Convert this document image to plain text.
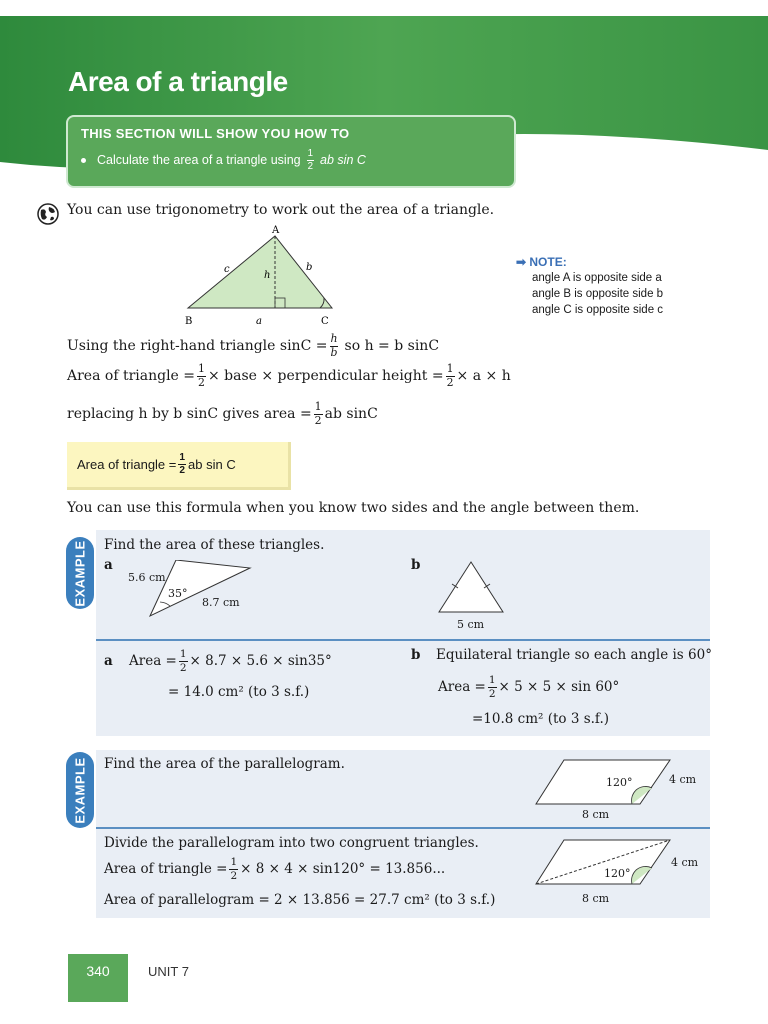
Area of a triangle
THIS SECTION WILL SHOW YOU HOW TO
Calculate the area of a triangle using $\frac{1}{2}$ ab sin C
You can use trigonometry to work out the area of a triangle.
A
B	C
a
b
c
h
➡ NOTE:
angle A is opposite side a
angle B is opposite side b
angle C is opposite side c
Using the right-hand triangle $\sin C = \frac{h}{b}$ so h = b sinC
Area of triangle = $\frac{1}{2}$ × base × perpendicular height = $\frac{1}{2} \times a \times h$
replacing h by b sinC gives area = $\frac{1}{2}$ ab sinC
Area of triangle = $\frac{1}{2}$ ab sin C
You can use this formula when you know two sides and the angle between them.
EXAMPLE Find the area of these triangles.
a	b
5.6 cm
35°
8.7 cm
5 cm
a Area = $\frac{1}{2} \times 8.7 \times 5.6 \times \sin 35^\circ$
= 14.0 cm² (to 3 s.f.)
b Equilateral triangle so each angle is 60°
Area = $\frac{1}{2} \times 5 \times 5 \times \sin 60^\circ$
=10.8 cm² (to 3 s.f.)
EXAMPLE Find the area of the parallelogram.
120°	4 cm
8 cm
Divide the parallelogram into two congruent triangles.
Area of triangle = $\frac{1}{2} \times 8 \times 4 \times \sin 120^\circ = 13.856$...
Area of parallelogram = 2 × 13.856 = 27.7 cm² (to 3 s.f.)
120°
4 cm
8 cm
340	UNIT 7
